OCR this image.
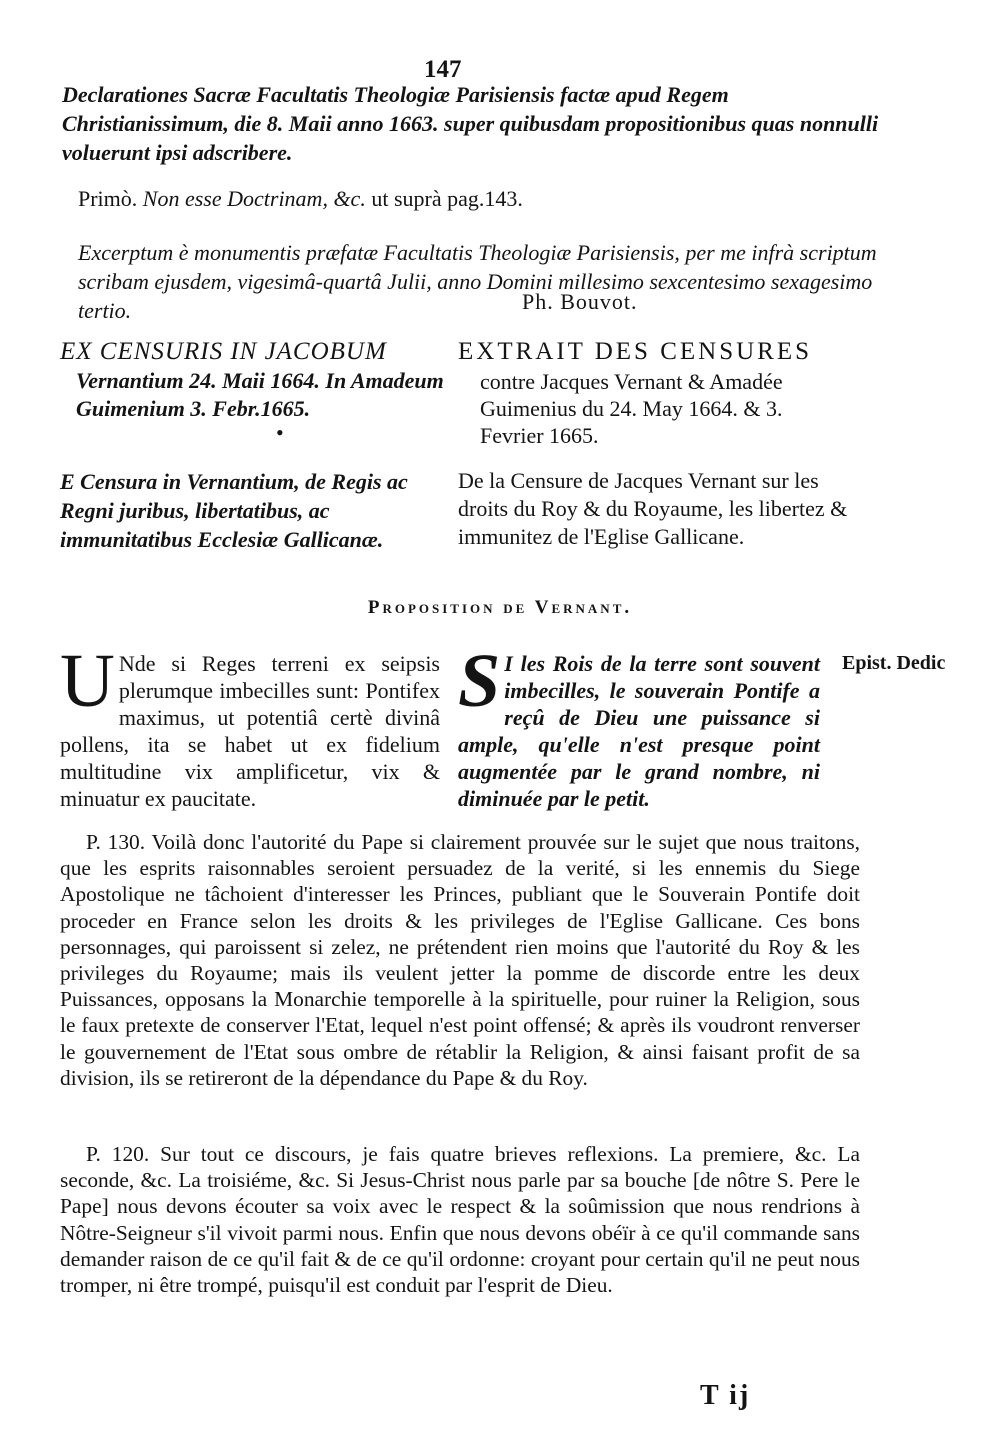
147

Declarationes Sacræ Facultatis Theologiæ Parisiensis factæ apud Regem Christianissimum, die 8. Maii anno 1663. super quibusdam propositionibus quas nonnulli voluerunt ipsi adscribere.

Primò. Non esse Doctrinam, &c. ut suprà pag.143.

Excerptum è monumentis præfatæ Facultatis Theologiæ Parisiensis, per me infrà scriptum scribam ejusdem, vigesimâ-quartâ Julii, anno Domini millesimo sexcentesimo sexagesimo tertio.	Ph. Bouvot.
EX CENSURIS IN JACOBUM	EXTRAIT DES CENSURES

Vernantium 24. Maii 1664. In Amadeum Guimenium 3. Febr.1665.

contre Jacques Vernant & Amadée Guimenius du 24. May 1664. & 3. Fevrier 1665.

•

E Censura in Vernantium, de Regis ac Regni juribus, libertatibus, ac immunitatibus Ecclesiæ Gallicanæ.

De la Censure de Jacques Vernant sur les droits du Roy & du Royaume, les libertez & immunitez de l'Eglise Gallicane.

Proposition de Vernant.
U Nde si Reges terreni ex seipsis plerumque imbecilles sunt: Pontifex maximus, ut potentiâ certè divinâ pollens, ita se habet ut ex fidelium multitudine vix amplificetur, vix & minuatur ex paucitate.
S I les Rois de la terre sont souvent imbecilles, le souverain Pontife a reçû de Dieu une puissance si ample, qu'elle n'est presque point augmentée par le grand nombre, ni diminuée par le petit.
Epist. Dedic

P. 130. Voilà donc l'autorité du Pape si clairement prouvée sur le sujet que nous traitons, que les esprits raisonnables seroient persuadez de la verité, si les ennemis du Siege Apostolique ne tâchoient d'interesser les Princes, publiant que le Souverain Pontife doit proceder en France selon les droits & les privileges de l'Eglise Gallicane. Ces bons personnages, qui paroissent si zelez, ne prétendent rien moins que l'autorité du Roy & les privileges du Royaume; mais ils veulent jetter la pomme de discorde entre les deux Puissances, opposans la Monarchie temporelle à la spirituelle, pour ruiner la Religion, sous le faux pretexte de conserver l'Etat, lequel n'est point offensé; & après ils voudront renverser le gouvernement de l'Etat sous ombre de rétablir la Religion, & ainsi faisant profit de sa division, ils se retireront de la dépendance du Pape & du Roy.

P. 120. Sur tout ce discours, je fais quatre brieves reflexions. La premiere, &c. La seconde, &c. La troisiéme, &c. Si Jesus-Christ nous parle par sa bouche [de nôtre S. Pere le Pape] nous devons écouter sa voix avec le respect & la soûmission que nous rendrions à Nôtre-Seigneur s'il vivoit parmi nous. Enfin que nous devons obéïr à ce qu'il commande sans demander raison de ce qu'il fait & de ce qu'il ordonne: croyant pour certain qu'il ne peut nous tromper, ni être trompé, puisqu'il est conduit par l'esprit de Dieu.

T ij
